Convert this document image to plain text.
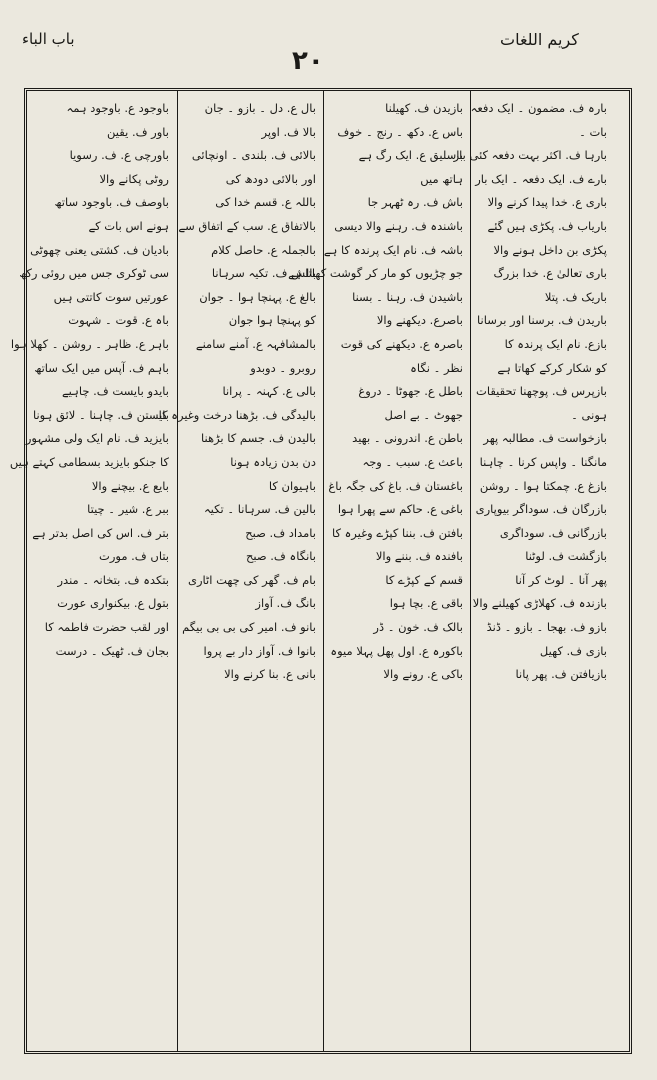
باب الباء
۲۰
کریم اللغات

بارہ ف. مضمون ۔ ایک دفعہ

بات ۔

بارہا ف. اکثر بہت دفعہ کئی بار

بارے ف. ایک دفعہ ۔ ایک بار

باری ع. خدا پیدا کرنے والا

باریاب ف. پکڑی ہیں گئے

پکڑی بن داخل ہونے والا

باری تعالیٰ ع. خدا بزرگ

باریک ف. پتلا

باریدن ف. برسنا اور برسانا

بازع. نام ایک پرندہ کا

کو شکار کرکے کھاتا ہے

بازپرس ف. پوچھنا تحقیقات

ہونی ۔

بازخواست ف. مطالبہ پھر

مانگنا ۔ واپس کرنا ۔ چاہنا

بازغ ع. چمکتا ہوا ۔ روشن

بازرگان ف. سوداگر بیوپاری

بازرگانی ف. سوداگری

بازگشت ف. لوٹنا

پھر آنا ۔ لوٹ کر آنا

بازندہ ف. کھلاڑی کھیلنے والا

بازو ف. بھجا ۔ بازو ۔ ڈنڈ

بازی ف. کھیل

بازیافتن ف. پھر پانا

بازیدن ف. کھیلنا

باس ع. دکھ ۔ رنج ۔ خوف

باسلیق ع. ایک رگ ہے

ہاتھ میں

باش ف. رہ ٹھہر جا

باشندہ ف. رہنے والا دیسی

باشہ ف. نام ایک پرندہ کا ہے

جو چڑیوں کو مار کر گوشت کھاتا ہے

باشیدن ف. رہنا ۔ بسنا

باصرع. دیکھنے والا

باصرہ ع. دیکھنے کی قوت

نظر ۔ نگاہ

باطل ع. جھوٹا ۔ دروغ

جھوٹ ۔ بے اصل

باطن ع. اندرونی ۔ بھید

باعث ع. سبب ۔ وجہ

باغستان ف. باغ کی جگہ باغ

باغی ع. حاکم سے پھرا ہوا

بافتن ف. بننا کپڑے وغیرہ کا

بافندہ ف. بننے والا

قسم کے کپڑے کا

باقی ع. بچا ہوا

بالک ف. خون ۔ ڈر

باکورہ ع. اول پھل پہلا میوہ

باکی ع. رونے والا

بال ع. دل ۔ بازو ۔ جان

بالا ف. اوپر

بالائی ف. بلندی ۔ اونچائی

اور بالائی دودھ کی

باللہ ع. قسم خدا کی

بالاتفاق ع. سب کے اتفاق سے

بالجملہ ع. حاصل کلام

بالش ف. تکیہ سرہانا

بالغ ع. پہنچا ہوا ۔ جوان

کو پہنچا ہوا جوان

بالمشافہہ ع. آمنے سامنے

روبرو ۔ دوبدو

بالی ع. کہنہ ۔ پرانا

بالیدگی ف. بڑھنا درخت وغیرہ کا

بالیدن ف. جسم کا بڑھنا

دن بدن زیادہ ہونا

باہیوان کا

بالین ف. سرہانا ۔ تکیہ

بامداد ف. صبح

بانگاہ ف. صبح

بام ف. گھر کی چھت اٹاری

بانگ ف. آواز

بانو ف. امیر کی بی بی بیگم

بانوا ف. آواز دار بے پروا

بانی ع. بنا کرنے والا

باوجود ع. باوجود ہمہ

باور ف. یقین

باورچی ع. ف. رسویا

روٹی پکانے والا

باوصف ف. باوجود ساتھ

ہونے اس بات کے

بادیان ف. کشتی یعنی چھوٹی

سی ٹوکری جس میں روئی رکھ

عورتیں سوت کاتتی ہیں

باہ ع. قوت ۔ شہوت

باہر ع. ظاہر ۔ روشن ۔ کھلا ہوا

باہم ف. آپس میں ایک ساتھ

بایدو بایست ف. چاہیے

بایستن ف. چاہنا ۔ لائق ہونا

بایزید ف. نام ایک ولی مشہور

کا جنکو بایزید بسطامی کہتے ہیں

بایع ع. بیچنے والا

ببر ع. شیر ۔ چیتا

بتر ف. اس کی اصل بدتر ہے

بتاں ف. مورت

بتکدہ ف. بتخانہ ۔ مندر

بتول ع. بیکنواری عورت

اور لقب حضرت فاطمہ کا

بجان ف. ٹھیک ۔ درست
